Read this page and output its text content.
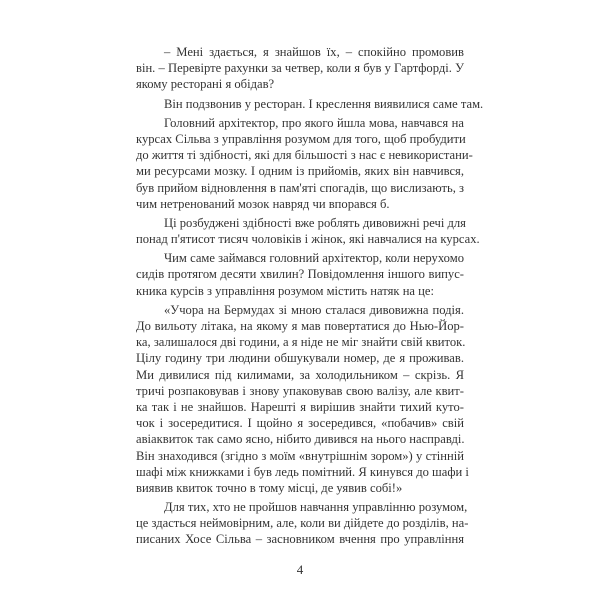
– Мені здається, я знайшов їх, – спокійно промовив
він. – Перевірте рахунки за четвер, коли я був у Гартфорді. У
якому ресторані я обідав?
Він подзвонив у ресторан. І креслення виявилися саме там.
Головний архітектор, про якого йшла мова, навчався на
курсах Сільва з управління розумом для того, щоб пробудити
до життя ті здібності, які для більшості з нас є невикористани-
ми ресурсами мозку. І одним із прийомів, яких він навчився,
був прийом відновлення в пам'яті спогадів, що вислизають, з
чим нетренований мозок навряд чи впорався б.
Ці розбуджені здібності вже роблять дивовижні речі для
понад п'ятисот тисяч чоловіків і жінок, які навчалися на курсах.
Чим саме займався головний архітектор, коли нерухомо
сидів протягом десяти хвилин? Повідомлення іншого випус-
кника курсів з управління розумом містить натяк на це:
«Учора на Бермудах зі мною сталася дивовижна подія.
До вильоту літака, на якому я мав повертатися до Нью-Йор-
ка, залишалося дві години, а я ніде не міг знайти свій квиток.
Цілу годину три людини обшукували номер, де я проживав.
Ми дивилися під килимами, за холодильником – скрізь. Я
тричі розпаковував і знову упаковував свою валізу, але квит-
ка так і не знайшов. Нарешті я вирішив знайти тихий куто-
чок і зосередитися. І щойно я зосередився, «побачив» свій
авіаквиток так само ясно, нібито дивився на нього насправді.
Він знаходився (згідно з моїм «внутрішнім зором») у стінній
шафі між книжками і був ледь помітний. Я кинувся до шафи і
виявив квиток точно в тому місці, де уявив собі!»
Для тих, хто не пройшов навчання управлінню розумом,
це здасться неймовірним, але, коли ви дійдете до розділів, на-
писаних Хосе Сільва – засновником вчення про управління
4
